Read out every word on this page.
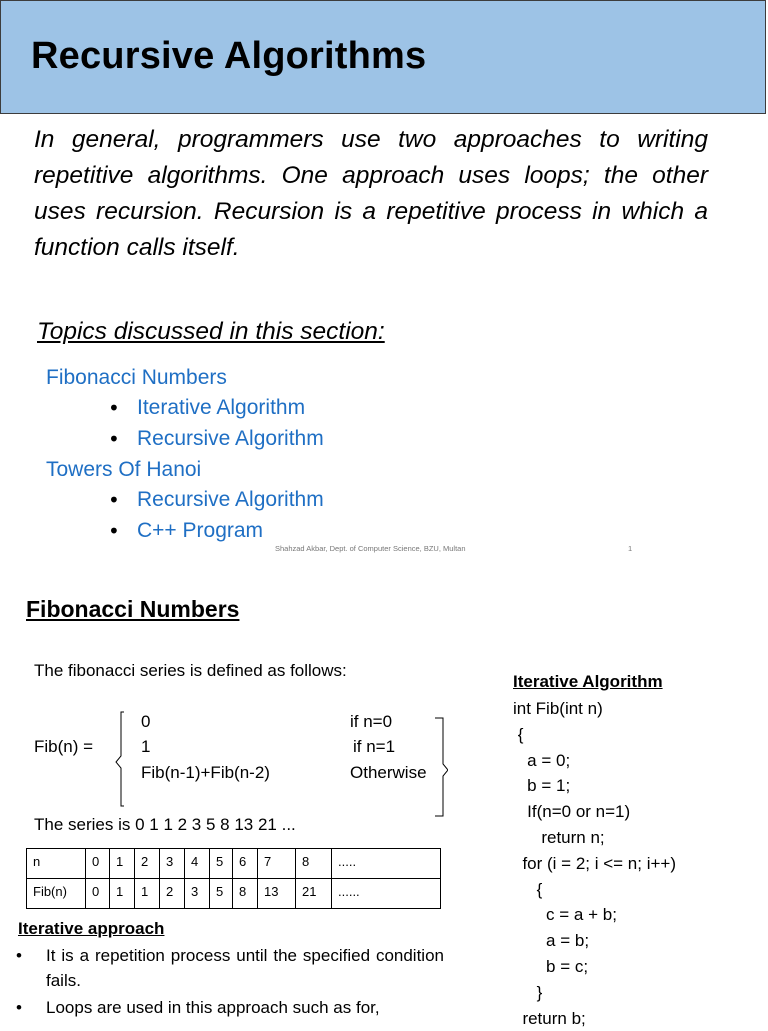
Recursive Algorithms
In general, programmers use two approaches to writing repetitive algorithms. One approach uses loops; the other uses recursion. Recursion is a repetitive process in which a function calls itself.
Topics discussed in this section:
Fibonacci Numbers
• Iterative Algorithm
• Recursive Algorithm
Towers Of Hanoi
• Recursive Algorithm
• C++ Program
Shahzad Akbar, Dept. of Computer Science, BZU, Multan	1
Fibonacci Numbers
The fibonacci series is defined as follows:
Fib(n) =
0	if n=0
1	if n=1
Fib(n-1)+Fib(n-2)	Otherwise
The series is 0 1 1 2 3 5 8 13 21 ...
n	0	1	2	3	4	5	6	7	8	.....
Fib(n)	0	1	1	2	3	5	8	13	21	......
Iterative approach
• It is a repetition process until the specified condition fails.
• Loops are used in this approach such as for,
Iterative Algorithm
int Fib(int n)
{
a = 0;
b = 1;
If(n=0 or n=1)
return n;
for (i = 2; i <= n; i++)
{
c = a + b;
a = b;
b = c;
}
return b;
